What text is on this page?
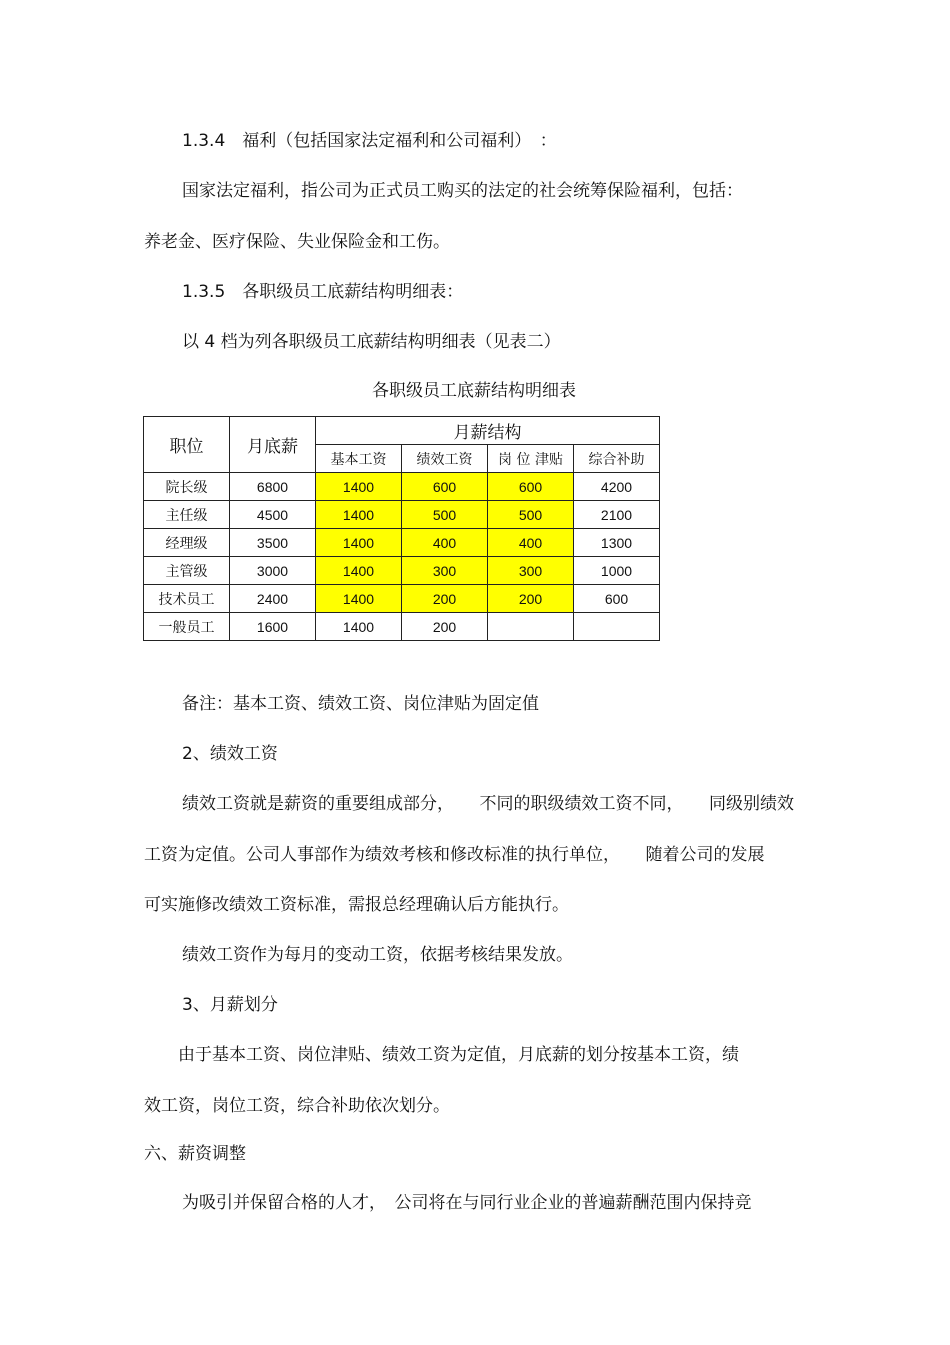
1.3.4　福利（包括国家法定福利和公司福利）　：
国家法定福利，指公司为正式员工购买的法定的社会统筹保险福利，包括：
养老金、医疗保险、失业保险金和工伤。
1.3.5　各职级员工底薪结构明细表：
以 4 档为列各职级员工底薪结构明细表（见表二）
各职级员工底薪结构明细表
职位	月底薪	月薪结构			
		基本工资	绩效工资	岗 位 津贴	综合补助
院长级	6800	1400	600	600	4200
主任级	4500	1400	500	500	2100
经理级	3500	1400	400	400	1300
主管级	3000	1400	300	300	1000
技术员工	2400	1400	200	200	600
一般员工	1600	1400	200		
备注：基本工资、绩效工资、岗位津贴为固定值
2、绩效工资
绩效工资就是薪资的重要组成部分，　　不同的职级绩效工资不同，　　同级别绩效
工资为定值。公司人事部作为绩效考核和修改标准的执行单位，　　随着公司的发展
可实施修改绩效工资标准，需报总经理确认后方能执行。
绩效工资作为每月的变动工资，依据考核结果发放。
3、月薪划分
由于基本工资、岗位津贴、绩效工资为定值，月底薪的划分按基本工资，绩
效工资，岗位工资，综合补助依次划分。
六、薪资调整
为吸引并保留合格的人才，　公司将在与同行业企业的普遍薪酬范围内保持竞
